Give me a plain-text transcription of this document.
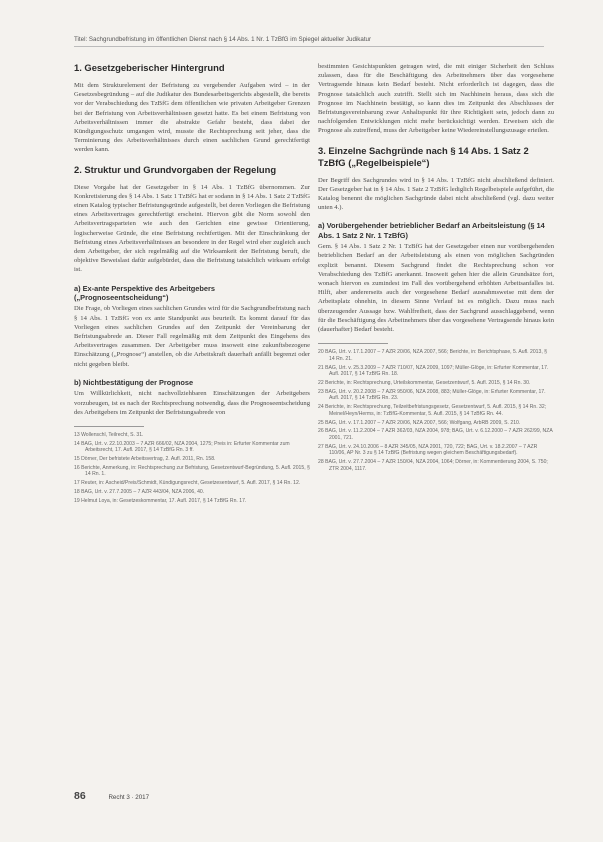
Titel: Sachgrundbefristung im öffentlichen Dienst nach § 14 Abs. 1 Nr. 1 TzBfG im Spiegel aktueller Judikatur
1. Gesetzgeberischer Hintergrund

Mit dem Strukturelement der Befristung zu vergebender Aufgaben wird – in der Gesetzesbegründung – auf die Judikatur des Bundesarbeitsgerichts abgestellt, die bereits vor der Verabschiedung des TzBfG dem öffentlichen wie privaten Arbeitgeber Grenzen bei der Befristung von Arbeitsverhältnissen gesetzt hatte. Es bei einem Befristung von Arbeitsverhältnissen immer die abstrakte Gefahr besteht, dass dabei der Kündigungsschutz umgangen wird, musste die Rechtsprechung seit jeher, dass die Terminierung des Arbeitsverhältnisses durch einen sachlichen Grund gerechtfertigt werden kann.

2. Struktur und Grundvorgaben der Regelung

Diese Vorgabe hat der Gesetzgeber in § 14 Abs. 1 TzBfG übernommen. Zur Konkretisierung des § 14 Abs. 1 Satz 1 TzBfG hat er sodann in § 14 Abs. 1 Satz 2 TzBfG einen Katalog typischer Befristungsgründe aufgestellt, bei deren Vorliegen die Befristung eines Arbeitsvertrages gerechtfertigt erscheint. Hiervon gibt die Norm sowohl den Arbeitsvertragsparteien wie auch den Gerichten eine gewisse Orientierung, logischerweise Gründe, die eine Befristung rechtfertigen. Mit der Einschränkung der Befristung eines Arbeitsverhältnisses an besondere in der Regel wird eher zugleich auch dem Arbeitgeber, der sich regelmäßig auf die Wirksamkeit der Befristung beruft, die objektive Beweislast dafür aufgebürdet, dass die Befristung tatsächlich wirksam erfolgt ist.

a) Ex-ante Perspektive des Arbeitgebers („Prognoseentscheidung“)

Die Frage, ob Vorliegen eines sachlichen Grundes wird für die Sachgrundbefristung nach § 14 Abs. 1 TzBfG von ex ante Standpunkt aus beurteilt. Es kommt darauf für das Vorliegen eines sachlichen Grundes auf den Zeitpunkt der Vereinbarung der Befristungsabrede an. Dieser Fall regelmäßig mit dem Zeitpunkt des Eingehens des Arbeitsvertrages zusammen. Der Arbeitgeber muss insoweit eine zukunftsbezogene Einschätzung („Prognose“) anstellen, ob die Arbeitskraft dauerhaft anfällt begrenzt oder nicht gegeben bleibt.

b) Nichtbestätigung der Prognose

Um Willkürlichkeit, nicht nachvollziehbaren Einschätzungen der Arbeitgebers vorzubeugen, ist es nach der Rechtsprechung notwendig, dass die Prognoseentscheidung des Arbeitgebers im Zeitpunkt der Befristungsabrede von

13 Wollenschl, Teilrecht, S. 31.
14 BAG, Urt. v. 22.10.2003 – 7 AZR 666/02, NZA 2004, 1275; Preis in: Erfurter Kommentar zum Arbeitsrecht, 17. Aufl. 2017, § 14 TzBfG Rn. 3 ff.
15 Dörner, Der befristete Arbeitsvertrag, 2. Aufl. 2011, Rn. 158.
16 Berichte, Anmerkung, in: Rechtsprechung zur Befristung, Gesetzentwurf-Begründung, 5. Aufl. 2015, § 14 Rn. 1.
17 Reuter, in: Ascheid/Preis/Schmidt, Kündigungsrecht, Gesetzesentwurf, 5. Aufl. 2017, § 14 Rn. 12.
18 BAG, Urt. v. 27.7.2005 – 7 AZR 443/04, NZA 2006, 40.
19 Helmut Loya, in: Gesetzeskommentar, 17. Aufl. 2017, § 14 TzBfG Rn. 17.

bestimmten Gesichtspunkten getragen wird, die mit einiger Sicherheit den Schluss zulassen, dass für die Beschäftigung des Arbeitnehmers über das vorgesehene Vertragsende hinaus kein Bedarf besteht. Nicht erforderlich ist dagegen, dass die Prognose tatsächlich auch zutrifft. Stellt sich im Nachhinein heraus, dass sich die Prognose im Nachhinein bestätigt, so kann dies im Zeitpunkt des Abschlusses der Befristungsvereinbarung zwar Anhaltspunkt für ihre Richtigkeit sein, jedoch dann zu nachfolgenden Entwicklungen nicht mehr berücksichtigt werden. Erweisen sich die Prognose als zutreffend, muss der Arbeitgeber keine Wiedereinstellungszusage erteilen.

3. Einzelne Sachgründe nach § 14 Abs. 1 Satz 2 TzBfG („Regelbeispiele“)

Der Begriff des Sachgrundes wird in § 14 Abs. 1 TzBfG nicht abschließend definiert. Der Gesetzgeber hat in § 14 Abs. 1 Satz 2 TzBfG lediglich Regelbeispiele aufgeführt, die Katalog benennt die möglichen Sachgründe dabei nicht abschließend (vgl. dazu weiter unten 4.).

a) Vorübergehender betrieblicher Bedarf an Arbeitsleistung (§ 14 Abs. 1 Satz 2 Nr. 1 TzBfG)

Gem. § 14 Abs. 1 Satz 2 Nr. 1 TzBfG hat der Gesetzgeber einen nur vorübergehenden betrieblichen Bedarf an der Arbeitsleistung als einen von möglichen Sachgründen explizit benannt. Diesem Sachgrund findet die Rechtsprechung schon vor Verabschiedung des TzBfG anerkannt. Insoweit gehen hier die allein Grundsätze fort, wonach hiervon es zumindest im Fall des vorübergehend erhöhten Arbeitsanfalles ist. Hilft, aber andererseits auch der vorgesehene Bedarf ausnahmsweise mit dem der Arbeitsplatz ohnehin, in diesem Sinne Verlauf ist es möglich. Dazu muss nach überzeugender Aussage bzw. Wahlfreiheit, dass der Sachgrund ausschlaggebend, wenn für die Beschäftigung des Arbeitnehmers über das vorgesehene Vertragsende hinaus kein (dauerhafter) Bedarf besteht.

20 BAG, Urt. v. 17.1.2007 – 7 AZR 20/06, NZA 2007, 566; Berichte, in: Berichtsphase, 5. Aufl. 2013, § 14 Rn. 21.
21 BAG, Urt. v. 25.3.2009 – 7 AZR 710/07, NZA 2009, 1097; Müller-Glöge, in: Erfurter Kommentar, 17. Aufl. 2017, § 14 TzBfG Rn. 18.
22 Berichte, in: Rechtsprechung, Urteilskommentar, Gesetzentwurf, 5. Aufl. 2015, § 14 Rn. 30.
23 BAG, Urt. v. 20.2.2008 – 7 AZR 950/06, NZA 2008, 883; Müller-Glöge, in: Erfurter Kommentar, 17. Aufl. 2017, § 14 TzBfG Rn. 23.
24 Berichte, in: Rechtsprechung, Teilzeitbefristungsgesetz, Gesetzentwurf, 5. Aufl. 2015, § 14 Rn. 32; Meinel/Heyn/Herms, in: TzBfG-Kommentar, 5. Aufl. 2015, § 14 TzBfG Rn. 44.
25 BAG, Urt. v. 17.1.2007 – 7 AZR 20/06, NZA 2007, 566; Wolfgang, ArbRB 2009, S. 210.
26 BAG, Urt. v. 11.2.2004 – 7 AZR 362/03, NZA 2004, 978; BAG, Urt. v. 6.12.2000 – 7 AZR 262/99, NZA 2001, 721.
27 BAG, Urt. v. 24.10.2006 – 8 AZR 345/05, NZA 2001, 720, 722; BAG, Urt. v. 18.2.2007 – 7 AZR 110/06, AP Nr. 3 zu § 14 TzBfG (Befristung wegen gleichem Beschäftigungsbedarf).
28 BAG, Urt. v. 27.7.2004 – 7 AZR 150/04, NZA 2004, 1064; Dörner, in: Kommentierung 2004, S. 750; ZTR 2004, 1117.
86	Recht 3 · 2017
